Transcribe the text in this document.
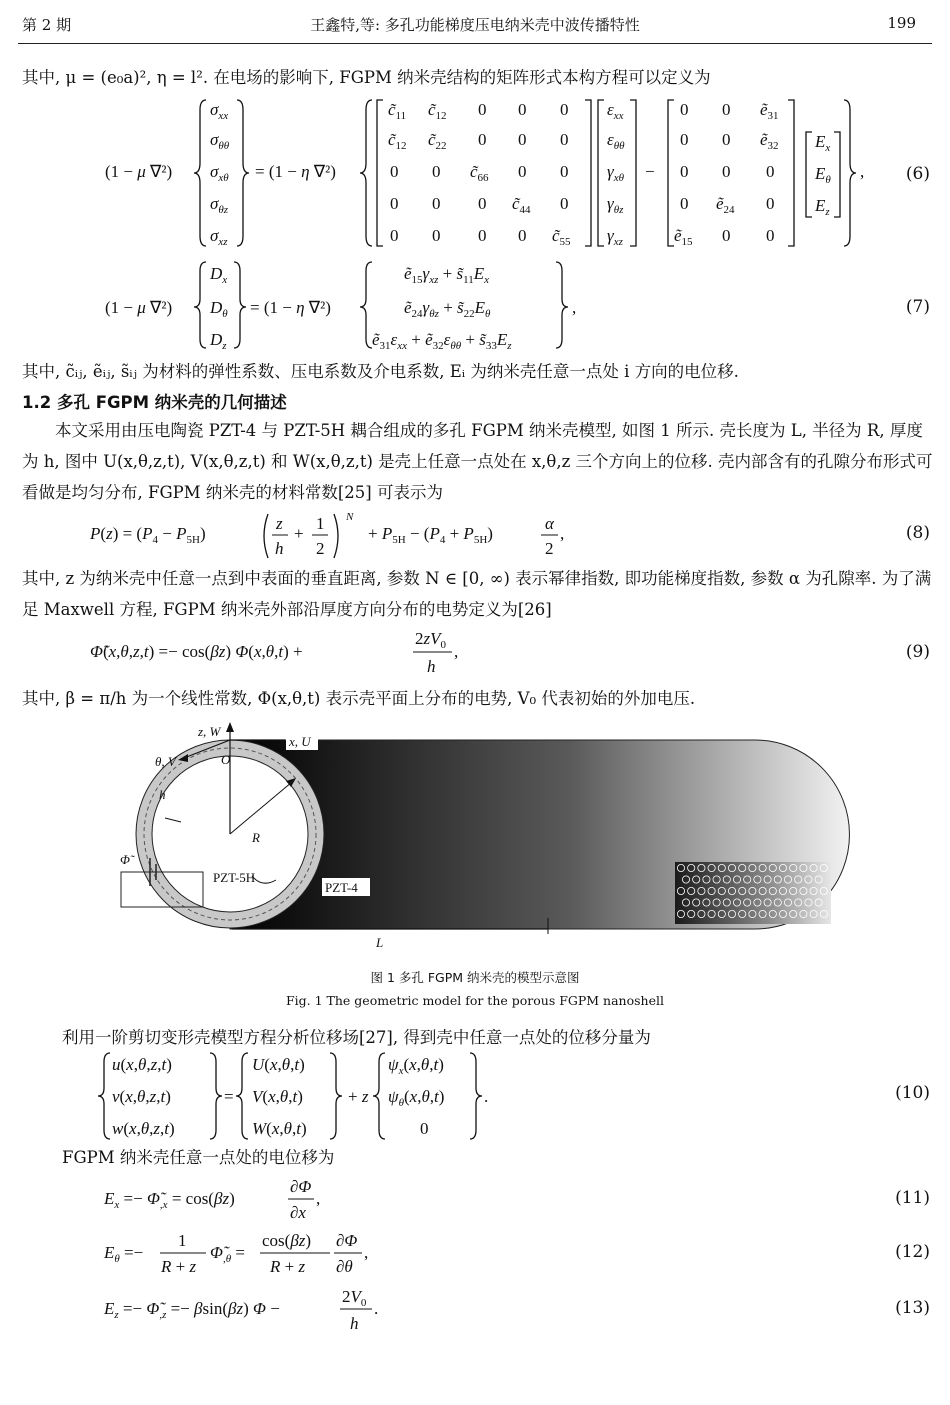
第 2 期	王鑫特,等: 多孔功能梯度压电纳米壳中波传播特性	199
其中, μ = (e₀a)², η = l². 在电场的影响下, FGPM 纳米壳结构的矩阵形式本构方程可以定义为
(1 − μ ∇²)
$\sigma_{xx}$
$\sigma_{\theta\theta}$
$\sigma_{x\theta}$
$\sigma_{\theta z}$
$\sigma_{xz}$
= (1 − η ∇²)
$c̃_{11}$ $c̃_{12}$ 0 0 0
$c̃_{12}$ $c̃_{22}$ 0 0 0
0 0 $c̃_{66}$ 0 0
0 0 0 $c̃_{44}$ 0
0 0 0 0 $c̃_{55}$
$\varepsilon_{xx}$
$\varepsilon_{\theta\theta}$
$\gamma_{x\theta}$
$\gamma_{\theta z}$
$\gamma_{xz}$
−
0 0 ẽ$_{31}$
0 0 ẽ$_{32}$
0 0 0
0 ẽ$_{24}$ 0
ẽ$_{15}$ 0 0
$E_x$
$E_\theta$
$E_z$
, (6)
(1 − μ ∇²)
$D_x$
$D_\theta$
$D_z$
= (1 − η ∇²)
$ẽ_{15}\gamma_{xz}$ + $s̃_{11}E_x$
$ẽ_{24}\gamma_{\theta z}$ + $s̃_{22}E_\theta$
$ẽ_{31}\varepsilon_{xx}$ + $ẽ_{32}\varepsilon_{\theta\theta}$ + $s̃_{33}E_z$
,	(7)
其中, c̃ᵢⱼ, ẽᵢⱼ, s̃ᵢⱼ 为材料的弹性系数、压电系数及介电系数, Eᵢ 为纳米壳任意一点处 i 方向的电位移.
1.2 多孔 FGPM 纳米壳的几何描述
本文采用由压电陶瓷 PZT-4 与 PZT-5H 耦合组成的多孔 FGPM 纳米壳模型, 如图 1 所示. 壳长度为 L, 半径为 R, 厚度为 h, 图中 U(x,θ,z,t), V(x,θ,z,t) 和 W(x,θ,z,t) 是壳上任意一点处在 x,θ,z 三个方向上的位移. 壳内部含有的孔隙分布形式可看做是均匀分布, FGPM 纳米壳的材料常数[25] 可表示为
$P(z) = (P_4 - P_{5H})$
z
h
+
1
2
N
+ $P_{5H} - (P_4 + P_{5H})$
α
2
,	(8)
其中, z 为纳米壳中任意一点到中表面的垂直距离, 参数 N ∈ [0, ∞) 表示幂律指数, 即功能梯度指数, 参数 α 为孔隙率. 为了满足 Maxwell 方程, FGPM 纳米壳外部沿厚度方向分布的电势定义为[26]
Φ̃(x,θ,z,t) =− cos(βz) Φ(x,θ,t) +
$2zV_0$
h
,	(9)
其中, β = π/h 为一个线性常数, Φ(x,θ,t) 表示壳平面上分布的电势, V₀ 代表初始的外加电压.
z, W
θ, V
x, U
O
h
R
Φ̃
PZT-5H
PZT-4
L
图 1 多孔 FGPM 纳米壳的模型示意图
Fig. 1 The geometric model for the porous FGPM nanoshell
利用一阶剪切变形壳模型方程分析位移场[27], 得到壳中任意一点处的位移分量为
u(x,θ,z,t)
v(x,θ,z,t)
w(x,θ,z,t)
=
U(x,θ,t)
V(x,θ,t)
W(x,θ,t)
+ z
$\psi_x(x,\theta,t)$
$\psi_\theta(x,\theta,t)$
0
.	(10)
FGPM 纳米壳任意一点处的电位移为
$E_x$ =− $\Phĩ_,x = \cos(\beta z)$
∂Φ
∂x
,	(11)
$E_\theta$ =−
1
R + z
$\Phĩ_,\theta$ =
cos(βz)
R + z
∂Φ
∂θ
,	(12)
$E_z$ =− $\Phĩ_,z =- \beta\sin(\beta z) \Phi$ −
$2V_0$
h
.	(13)
